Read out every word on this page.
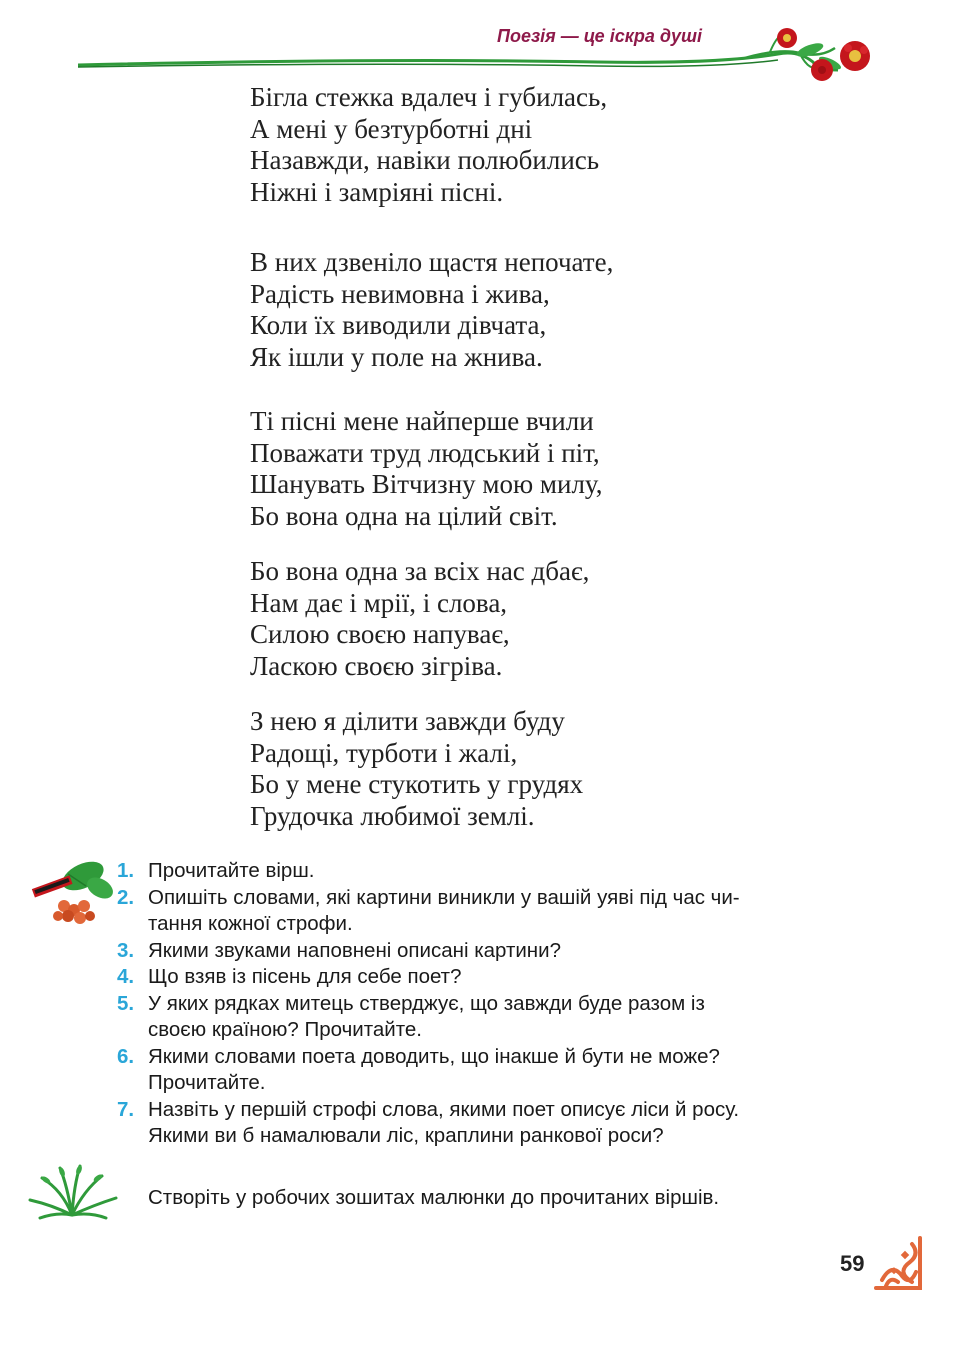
Поезія — це іскра душі
Бігла стежка вдалеч і губилась,
А мені у безтурботні дні
Назавжди, навіки полюбились
Ніжні і замріяні пісні.
В них дзвеніло щастя непочате,
Радість невимовна і жива,
Коли їх виводили дівчата,
Як ішли у поле на жнива.
Ті пісні мене найперше вчили
Поважати труд людський і піт,
Шанувать Вітчизну мою милу,
Бо вона одна на цілий світ.
Бо вона одна за всіх нас дбає,
Нам дає і мрії, і слова,
Силою своєю напуває,
Ласкою своєю зігріва.
З нею я ділити завжди буду
Радощі, турботи і жалі,
Бо у мене стукотить у грудях
Грудочка любимої землі.
1. Прочитайте вірш.
2. Опишіть словами, які картини виникли у вашій уяві під час чи-
тання кожної строфи.
3. Якими звуками наповнені описані картини?
4. Що взяв із пісень для себе поет?
5. У яких рядках митець стверджує, що завжди буде разом із
своєю країною? Прочитайте.
6. Якими словами поета доводить, що інакше й бути не може?
Прочитайте.
7. Назвіть у першій строфі слова, якими поет описує ліси й росу.
Якими ви б намалювали ліс, краплини ранкової роси?
Створіть у робочих зошитах малюнки до прочитаних віршів.
59
